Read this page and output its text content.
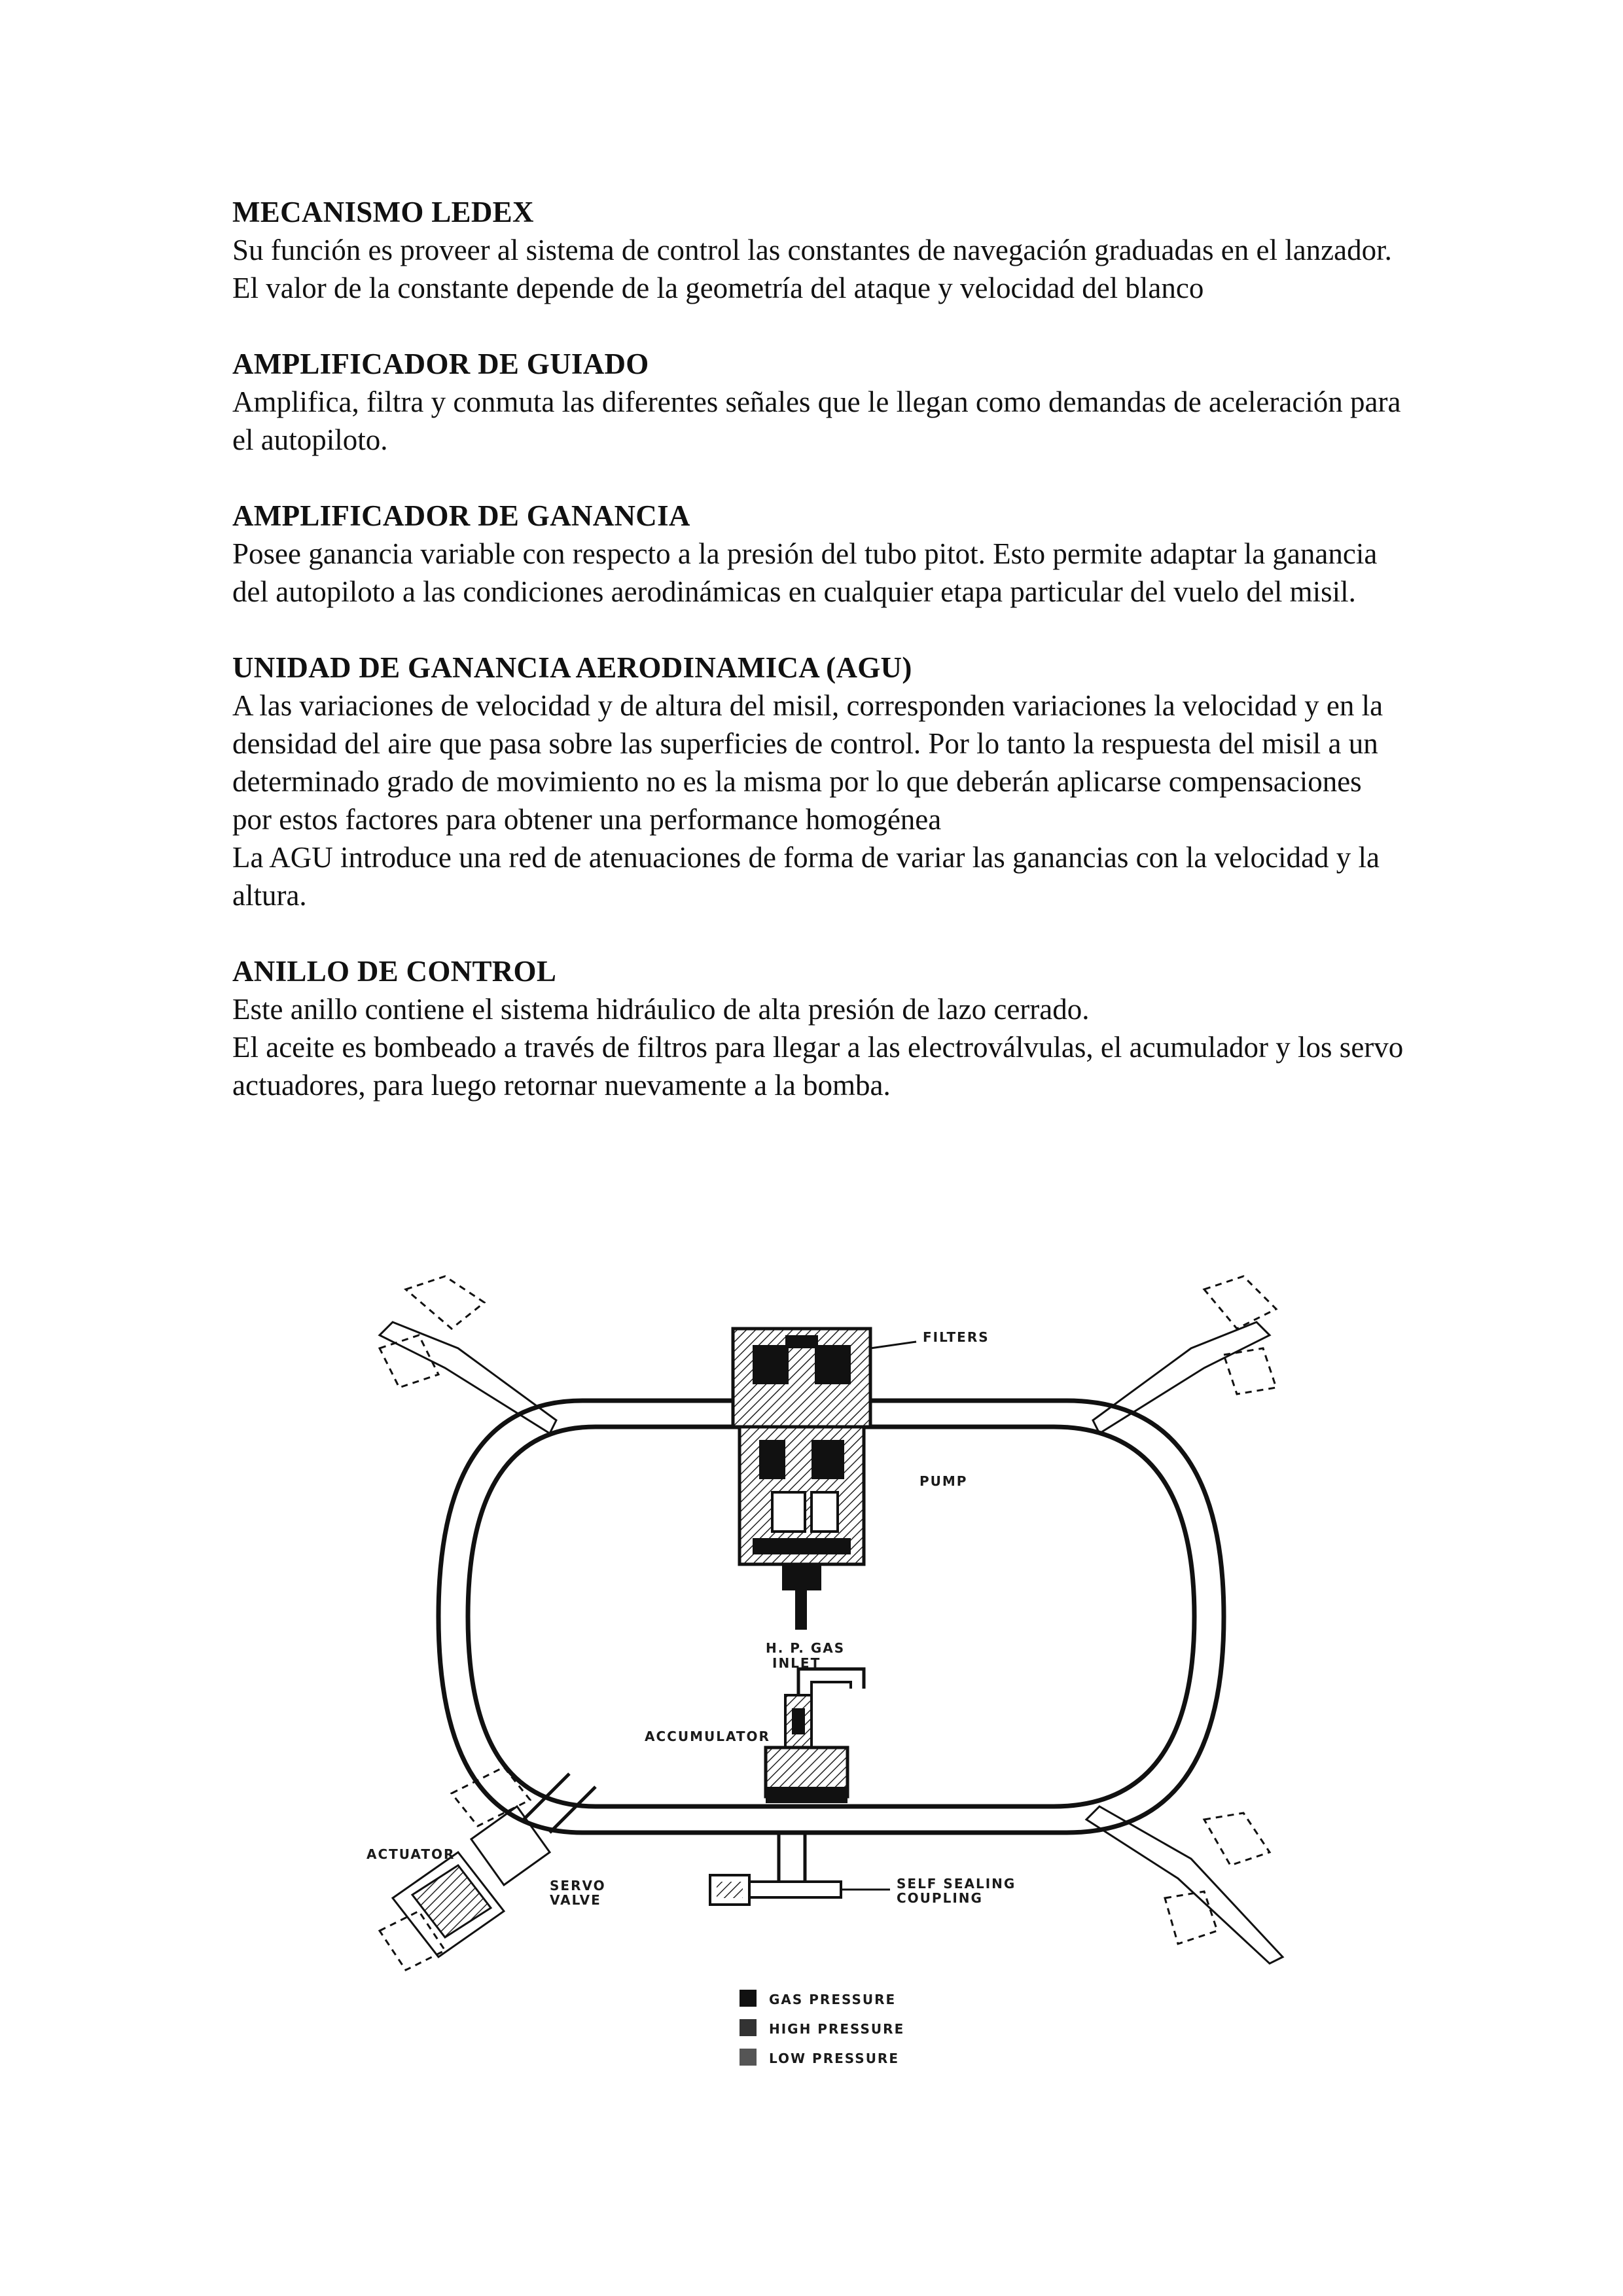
MECANISMO LEDEX

Su función es proveer al sistema de control las constantes de navegación graduadas en el lanzador. El valor de la constante depende de la geometría del ataque y velocidad del blanco

AMPLIFICADOR DE GUIADO

Amplifica, filtra y conmuta las diferentes señales que le llegan como demandas de aceleración para el autopiloto.

AMPLIFICADOR DE GANANCIA

Posee ganancia variable con respecto a la presión del tubo pitot. Esto permite adaptar la ganancia del autopiloto a las condiciones aerodinámicas en cualquier etapa particular del vuelo del misil.

UNIDAD DE GANANCIA AERODINAMICA (AGU)

A las variaciones de velocidad y de altura del misil, corresponden variaciones la velocidad y en la densidad del aire que pasa sobre las superficies de control. Por lo tanto la respuesta del misil a un determinado grado de movimiento no es la misma por lo que deberán aplicarse compensaciones por estos factores para obtener una performance homogénea

La AGU introduce una red de atenuaciones de forma de variar las ganancias con la velocidad y la altura.

ANILLO DE CONTROL

Este anillo contiene el sistema hidráulico de alta presión de lazo cerrado.

El aceite es bombeado a través de filtros para llegar a las electroválvulas, el acumulador y los servo actuadores, para luego retornar nuevamente a la bomba.

FILTERS
PUMP
H. P. GAS
INLET
ACCUMULATOR
ACTUATOR
SERVO
VALVE
SELF SEALING
COUPLING
GAS PRESSURE
HIGH PRESSURE
LOW PRESSURE
